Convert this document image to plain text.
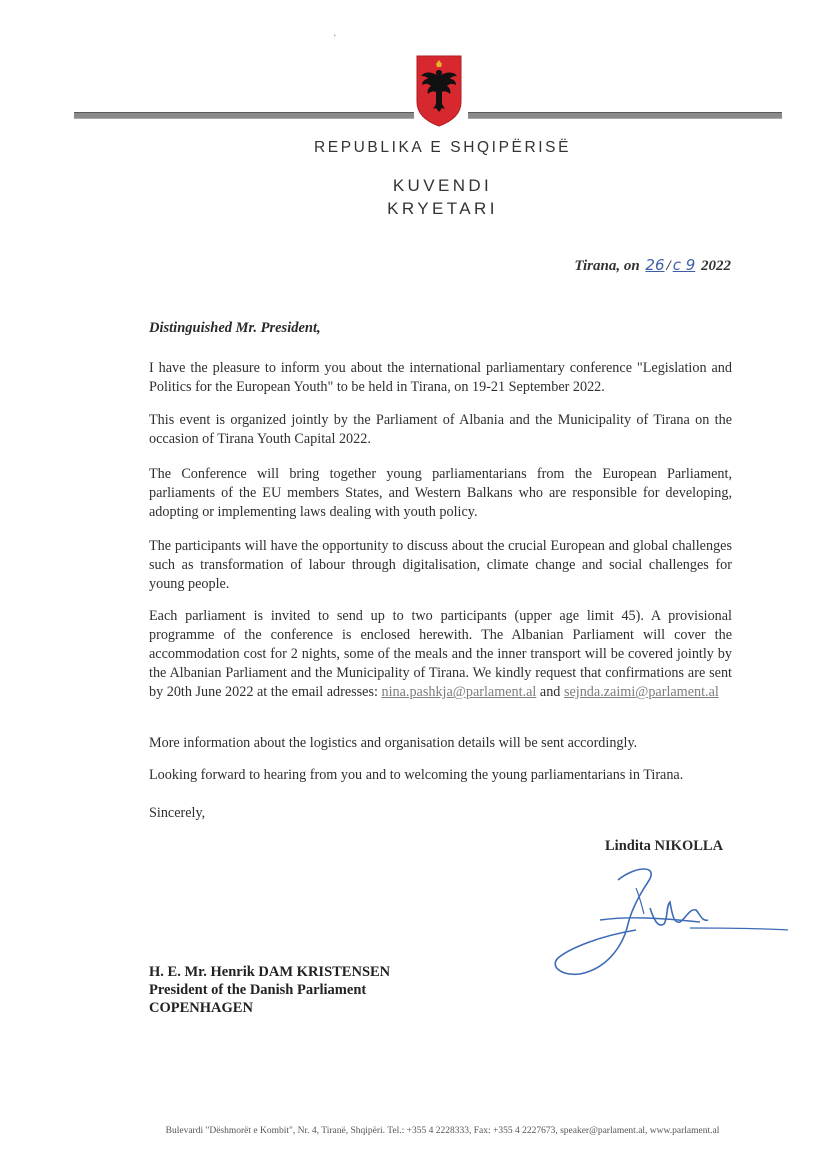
ʾ
REPUBLIKA E SHQIPËRISË
KUVENDI
KRYETARI
Tirana, on 26 / c 9 2022
Distinguished Mr. President,
I have the pleasure to inform you about the international parliamentary conference "Legislation and Politics for the European Youth" to be held in Tirana, on 19-21 September 2022.
This event is organized jointly by the Parliament of Albania and the Municipality of Tirana on the occasion of Tirana Youth Capital 2022.
The Conference will bring together young parliamentarians from the European Parliament, parliaments of the EU members States, and Western Balkans who are responsible for developing, adopting or implementing laws dealing with youth policy.
The participants will have the opportunity to discuss about the crucial European and global challenges such as transformation of labour through digitalisation, climate change and social challenges for young people.
Each parliament is invited to send up to two participants (upper age limit 45). A provisional programme of the conference is enclosed herewith. The Albanian Parliament will cover the accommodation cost for 2 nights, some of the meals and the inner transport will be covered jointly by the Albanian Parliament and the Municipality of Tirana. We kindly request that confirmations are sent by 20th June 2022 at the email adresses: nina.pashkja@parlament.al and sejnda.zaimi@parlament.al
More information about the logistics and organisation details will be sent accordingly.
Looking forward to hearing from you and to welcoming the young parliamentarians in Tirana.
Sincerely,
Lindita NIKOLLA
H. E. Mr. Henrik DAM KRISTENSEN
President of the Danish Parliament
COPENHAGEN
Bulevardi "Dëshmorët e Kombit", Nr. 4, Tiranë, Shqipëri. Tel.: +355 4 2228333, Fax: +355 4 2227673, speaker@parlament.al, www.parlament.al
